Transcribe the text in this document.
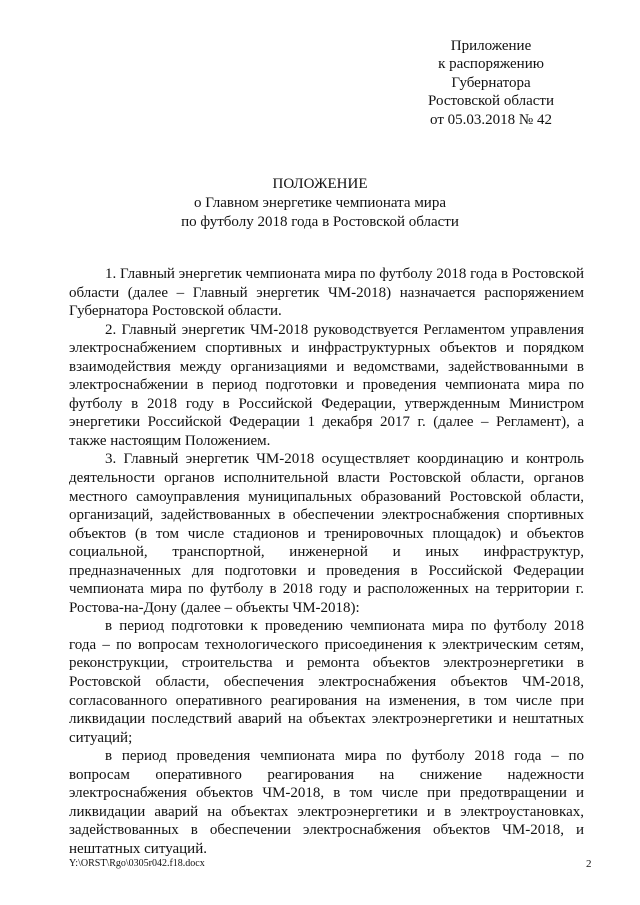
Приложение
к распоряжению
Губернатора
Ростовской области
от 05.03.2018 № 42
ПОЛОЖЕНИЕ
о Главном энергетике чемпионата мира
по футболу 2018 года в Ростовской области

1. Главный энергетик чемпионата мира по футболу 2018 года в Ростовской области (далее – Главный энергетик ЧМ-2018) назначается распоряжением Губернатора Ростовской области.

2. Главный энергетик ЧМ-2018 руководствуется Регламентом управления электроснабжением спортивных и инфраструктурных объектов и порядком взаимодействия между организациями и ведомствами, задействованными в электроснабжении в период подготовки и проведения чемпионата мира по футболу в 2018 году в Российской Федерации, утвержденным Министром энергетики Российской Федерации 1 декабря 2017 г. (далее – Регламент), а также настоящим Положением.

3. Главный энергетик ЧМ-2018 осуществляет координацию и контроль деятельности органов исполнительной власти Ростовской области, органов местного самоуправления муниципальных образований Ростовской области, организаций, задействованных в обеспечении электроснабжения спортивных объектов (в том числе стадионов и тренировочных площадок) и объектов социальной, транспортной, инженерной и иных инфраструктур, предназначенных для подготовки и проведения в Российской Федерации чемпионата мира по футболу в 2018 году и расположенных на территории г. Ростова-на-Дону (далее – объекты ЧМ-2018):

в период подготовки к проведению чемпионата мира по футболу 2018 года – по вопросам технологического присоединения к электрическим сетям, реконструкции, строительства и ремонта объектов электроэнергетики в Ростовской области, обеспечения электроснабжения объектов ЧМ-2018, согласованного оперативного реагирования на изменения, в том числе при ликвидации последствий аварий на объектах электроэнергетики и нештатных ситуаций;

в период проведения чемпионата мира по футболу 2018 года – по вопросам оперативного реагирования на снижение надежности электроснабжения объектов ЧМ-2018, в том числе при предотвращении и ликвидации аварий на объектах электроэнергетики и в электроустановках, задействованных в обеспечении электроснабжения объектов ЧМ-2018, и нештатных ситуаций.

Y:\ORST\Rgo\0305r042.f18.docx	2
